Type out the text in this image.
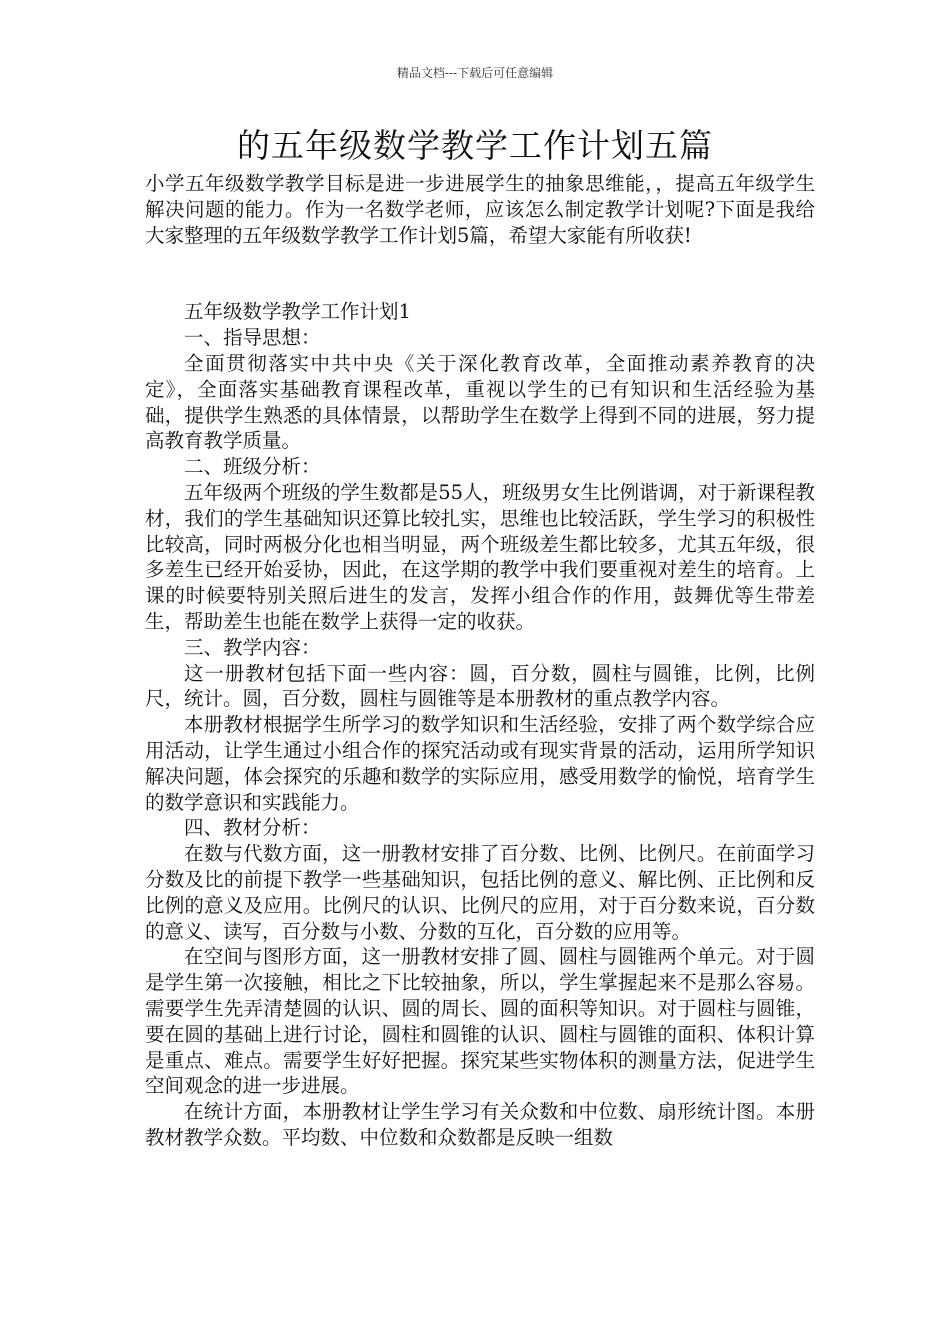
精品文档---下载后可任意编辑
的五年级数学教学工作计划五篇

小学五年级数学教学目标是进一步进展学生的抽象思维能，，提高五年级学生解决问题的能力。作为一名数学老师，应该怎么制定教学计划呢?下面是我给大家整理的五年级数学教学工作计划5篇，希望大家能有所收获!

五年级数学教学工作计划1

一、指导思想：

全面贯彻落实中共中央《关于深化教育改革，全面推动素养教育的决定》，全面落实基础教育课程改革，重视以学生的已有知识和生活经验为基础，提供学生熟悉的具体情景，以帮助学生在数学上得到不同的进展，努力提高教育教学质量。

二、班级分析：

五年级两个班级的学生数都是55人，班级男女生比例谐调，对于新课程教材，我们的学生基础知识还算比较扎实，思维也比较活跃，学生学习的积极性比较高，同时两极分化也相当明显，两个班级差生都比较多，尤其五年级，很多差生已经开始妥协，因此，在这学期的教学中我们要重视对差生的培育。上课的时候要特别关照后进生的发言，发挥小组合作的作用，鼓舞优等生带差生，帮助差生也能在数学上获得一定的收获。

三、教学内容：

这一册教材包括下面一些内容：圆，百分数，圆柱与圆锥，比例，比例尺，统计。圆，百分数，圆柱与圆锥等是本册教材的重点教学内容。

本册教材根据学生所学习的数学知识和生活经验，安排了两个数学综合应用活动，让学生通过小组合作的探究活动或有现实背景的活动，运用所学知识解决问题，体会探究的乐趣和数学的实际应用，感受用数学的愉悦，培育学生的数学意识和实践能力。

四、教材分析：

在数与代数方面，这一册教材安排了百分数、比例、比例尺。在前面学习分数及比的前提下教学一些基础知识，包括比例的意义、解比例、正比例和反比例的意义及应用。比例尺的认识、比例尺的应用，对于百分数来说，百分数的意义、读写，百分数与小数、分数的互化，百分数的应用等。

在空间与图形方面，这一册教材安排了圆、圆柱与圆锥两个单元。对于圆是学生第一次接触，相比之下比较抽象，所以，学生掌握起来不是那么容易。需要学生先弄清楚圆的认识、圆的周长、圆的面积等知识。对于圆柱与圆锥，要在圆的基础上进行讨论，圆柱和圆锥的认识、圆柱与圆锥的面积、体积计算是重点、难点。需要学生好好把握。探究某些实物体积的测量方法，促进学生空间观念的进一步进展。

在统计方面，本册教材让学生学习有关众数和中位数、扇形统计图。本册教材教学众数。平均数、中位数和众数都是反映一组数
